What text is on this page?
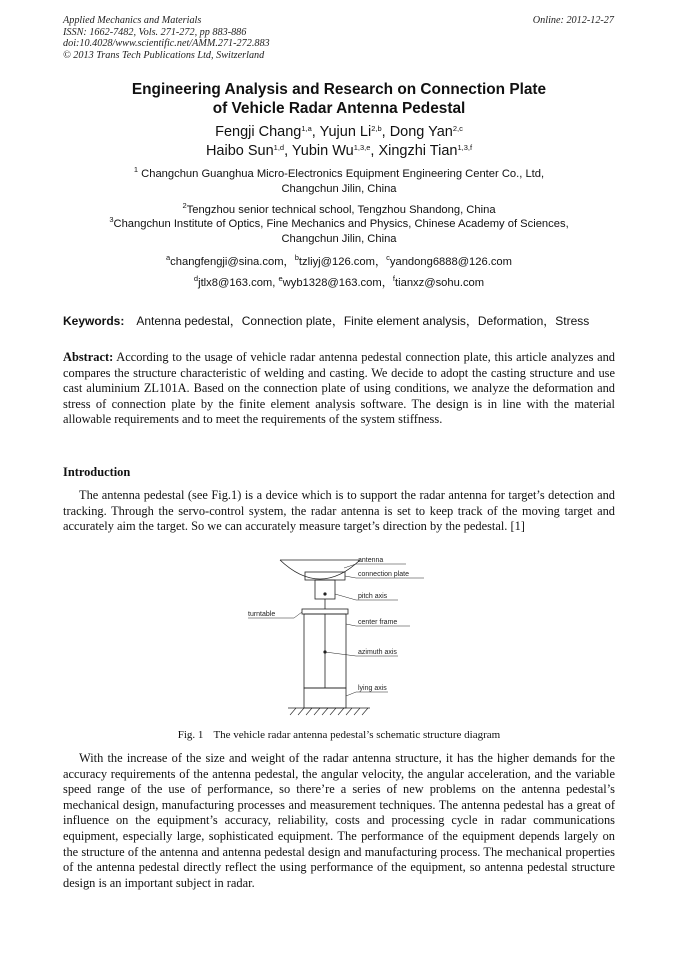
Applied Mechanics and Materials
ISSN: 1662-7482, Vols. 271-272, pp 883-886
doi:10.4028/www.scientific.net/AMM.271-272.883
© 2013 Trans Tech Publications Ltd, Switzerland
Online: 2012-12-27
Engineering Analysis and Research on Connection Plate
of Vehicle Radar Antenna Pedestal
Fengji Chang$^{1,a}$, Yujun Li$^{2,b}$, Dong Yan$^{2,c}$
Haibo Sun$^{1,d}$, Yubin Wu$^{1,3,e}$, Xingzhi Tian$^{1,3,f}$
$^1$ Changchun Guanghua Micro-Electronics Equipment Engineering Center Co., Ltd,
Changchun Jilin, China
$^2$Tengzhou senior technical school, Tengzhou Shandong, China
$^3$Changchun Institute of Optics, Fine Mechanics and Physics, Chinese Academy of Sciences,
Changchun Jilin, China
$^a$changfengji@sina.com，$^b$tzliyj@126.com，$^c$yandong6888@126.com
$^d$jtlx8@163.com, $^e$wyb1328@163.com，$^f$tianxz@sohu.com
Keywords: Antenna pedestal，Connection plate，Finite element analysis，Deformation，Stress
Abstract: According to the usage of vehicle radar antenna pedestal connection plate, this article analyzes and compares the structure characteristic of welding and casting. We decide to adopt the casting structure and use cast aluminium ZL101A. Based on the connection plate of using conditions, we analyze the deformation and stress of connection plate by the finite element analysis software. The design is in line with the material allowable requirements and to meet the requirements of the system stiffness.
Introduction
The antenna pedestal (see Fig.1) is a device which is to support the radar antenna for target’s detection and tracking. Through the servo-control system, the radar antenna is set to keep track of the moving target and accurately aim the target. So we can accurately measure target’s direction by the pedestal. [1]
antenna
connection plate
pitch axis
turntable
center frame
azimuth axis
lying axis
Fig. 1 The vehicle radar antenna pedestal’s schematic structure diagram
With the increase of the size and weight of the radar antenna structure, it has the higher demands for the accuracy requirements of the antenna pedestal, the angular velocity, the angular acceleration, and the variable speed range of the use of performance, so there’re a series of new problems on the antenna pedestal’s mechanical design, manufacturing processes and measurement techniques. The antenna pedestal has a great of influence on the equipment’s accuracy, reliability, costs and processing cycle in radar communications equipment, especially large, sophisticated equipment. The performance of the equipment depends largely on the structure of the antenna and antenna pedestal design and manufacturing process. The mechanical properties of the antenna pedestal directly reflect the using performance of the equipment, so antenna pedestal structure design is an important subject in radar.
